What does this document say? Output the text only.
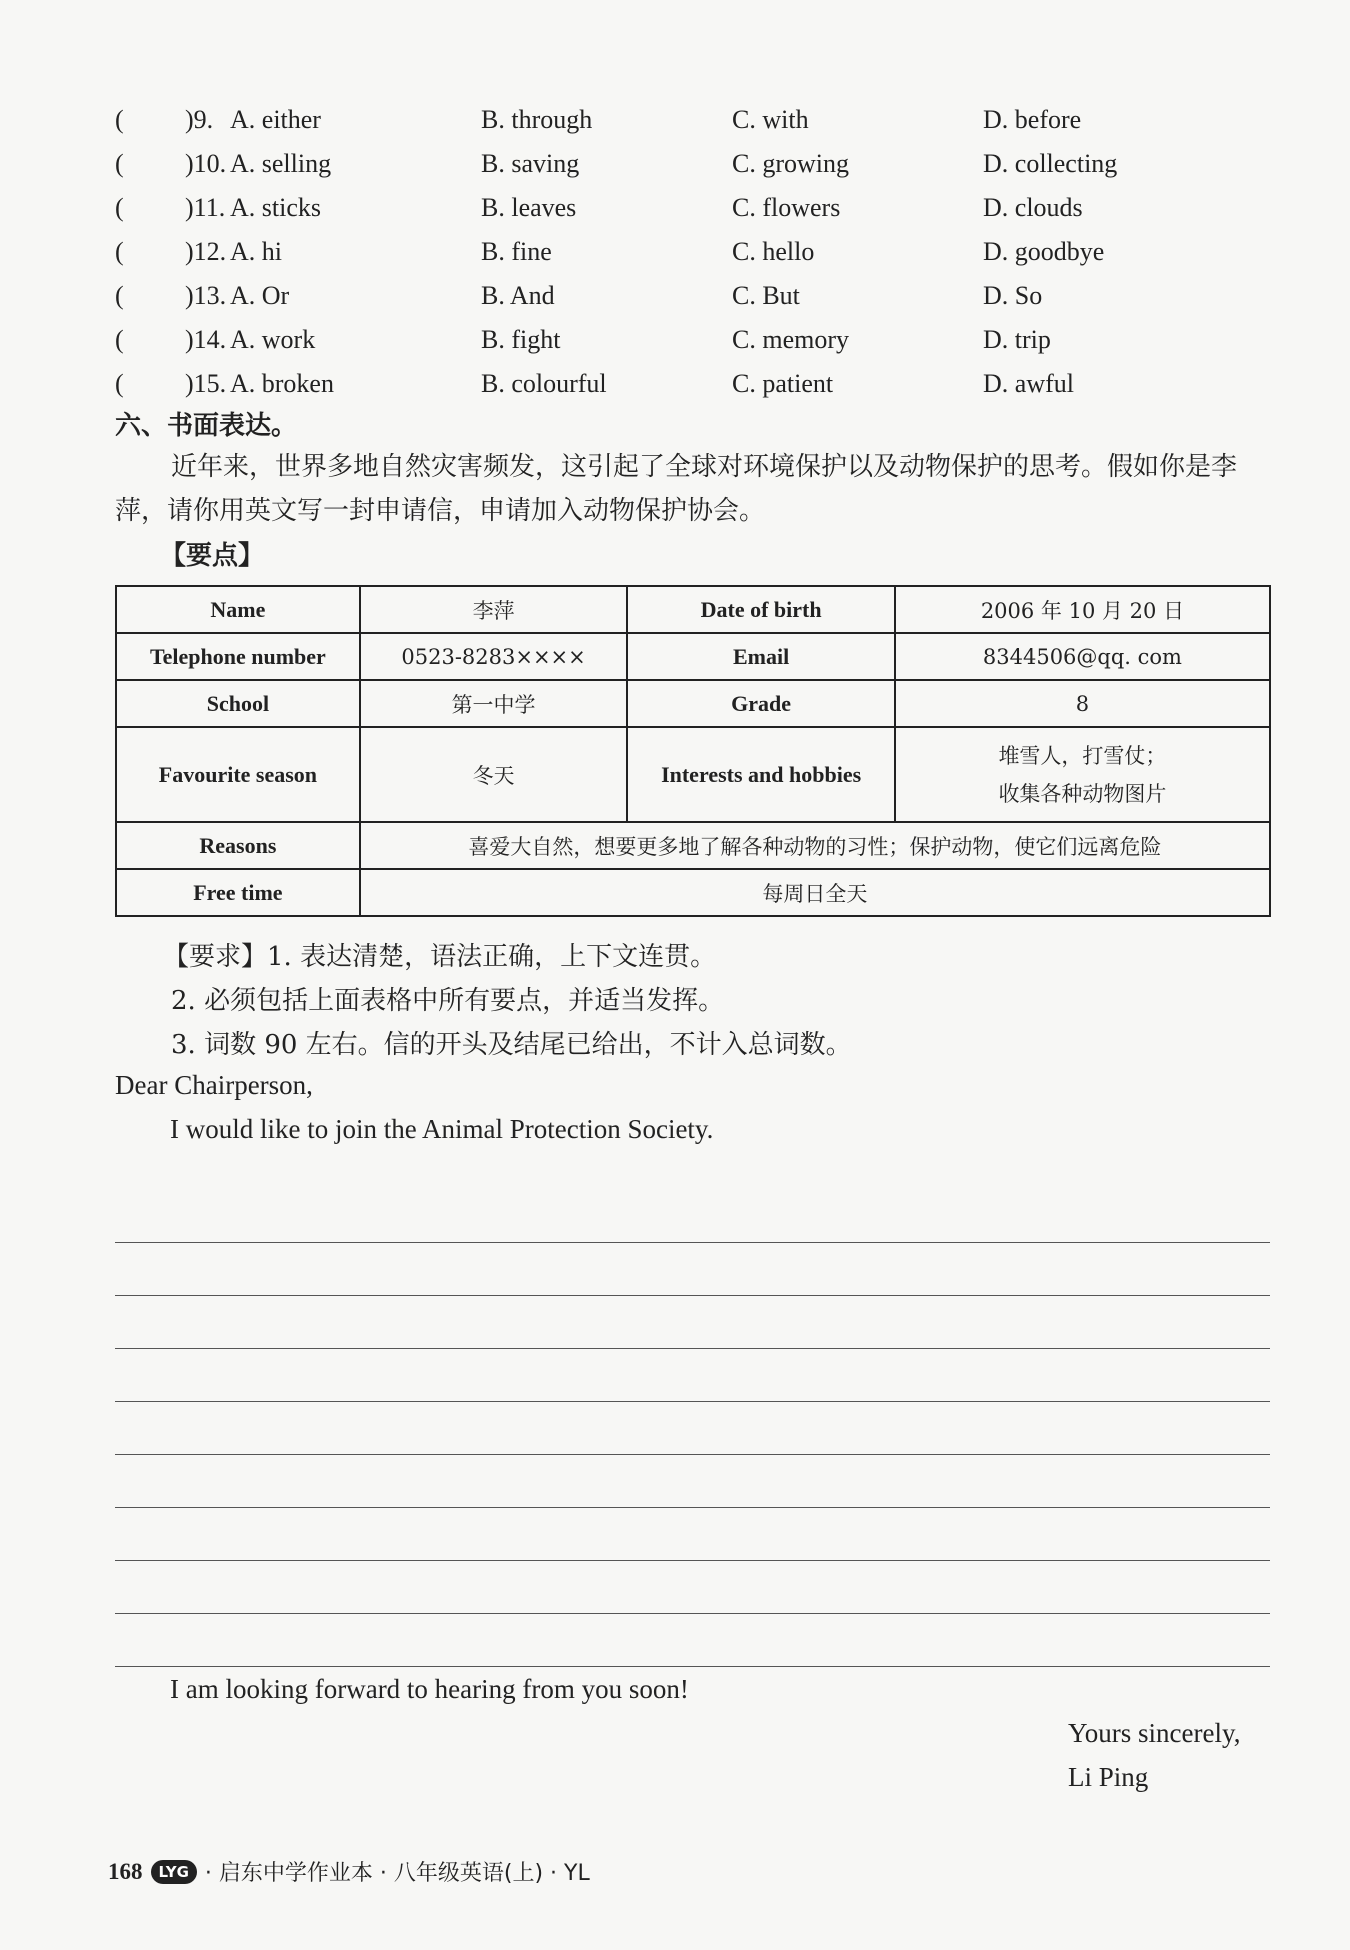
( )9. A. either	B. through	C. with	D. before
( )10. A. selling	B. saving	C. growing	D. collecting
( )11. A. sticks	B. leaves	C. flowers	D. clouds
( )12. A. hi	B. fine	C. hello	D. goodbye
( )13. A. Or	B. And	C. But	D. So
( )14. A. work	B. fight	C. memory	D. trip
( )15. A. broken	B. colourful	C. patient	D. awful
六、书面表达。

近年来，世界多地自然灾害频发，这引起了全球对环境保护以及动物保护的思考。假如你是李萍，请你用英文写一封申请信，申请加入动物保护协会。

【要点】
Name	李萍	Date of birth	2006 年 10 月 20 日
Telephone number	0523-8283××××	Email	8344506@qq. com
School	第一中学	Grade	8
Favourite season	冬天	Interests and hobbies	堆雪人，打雪仗；
收集各种动物图片

Reasons	喜爱大自然，想要更多地了解各种动物的习性；保护动物，使它们远离危险		
Free time	每周日全天		
【要求】1. 表达清楚，语法正确，上下文连贯。
2. 必须包括上面表格中所有要点，并适当发挥。
3. 词数 90 左右。信的开头及结尾已给出，不计入总词数。
Dear Chairperson,
I would like to join the Animal Protection Society.
I am looking forward to hearing from you soon!
Yours sincerely,
Li Ping
168	LYG · 启东中学作业本 · 八年级英语(上) · YL
